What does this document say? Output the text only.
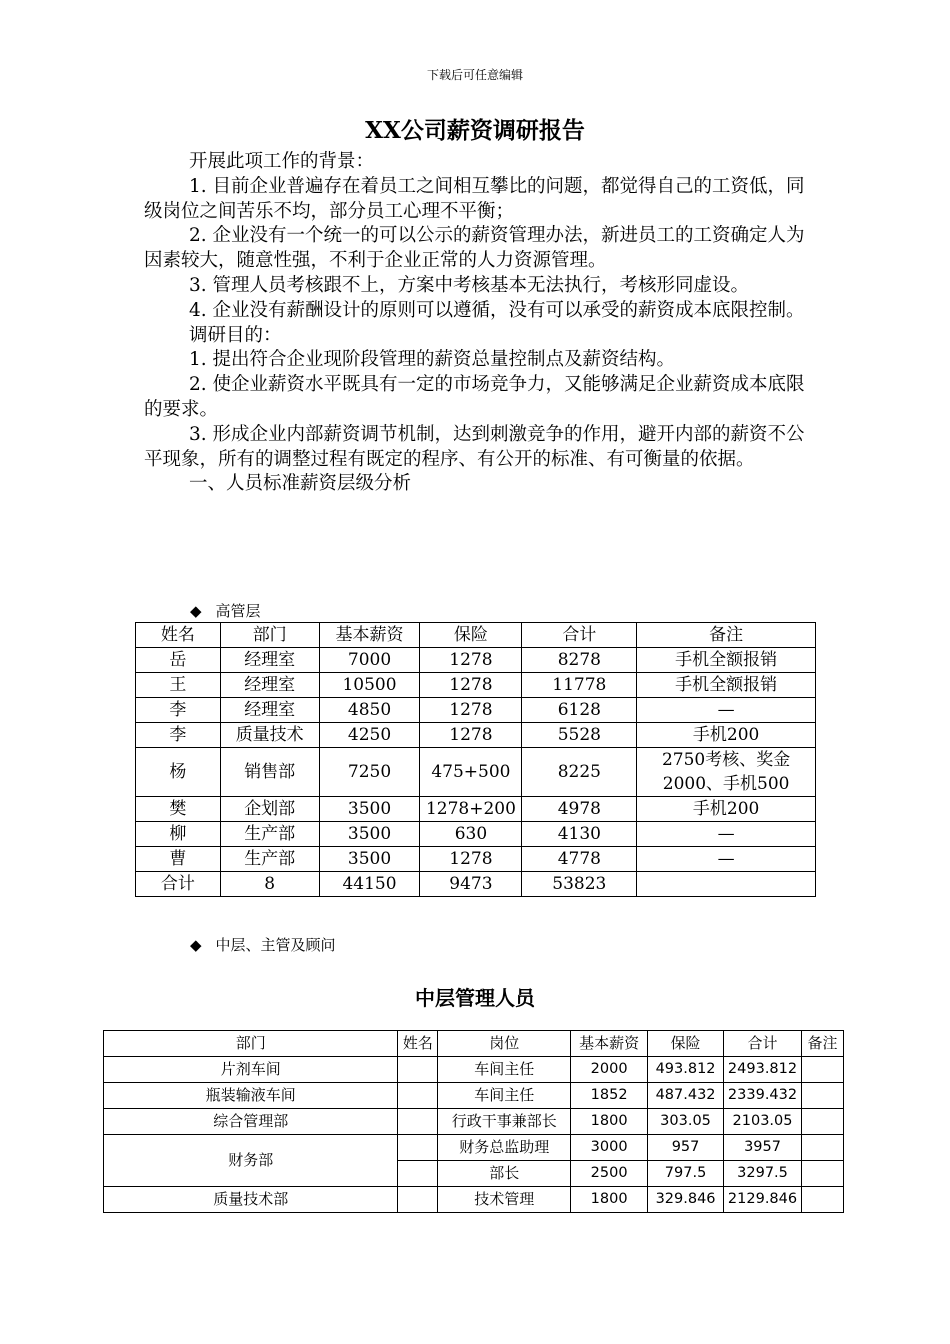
下载后可任意编辑
XX公司薪资调研报告

开展此项工作的背景：

1. 目前企业普遍存在着员工之间相互攀比的问题，都觉得自己的工资低，同级岗位之间苦乐不均，部分员工心理不平衡；

2. 企业没有一个统一的可以公示的薪资管理办法，新进员工的工资确定人为因素较大，随意性强，不利于企业正常的人力资源管理。

3. 管理人员考核跟不上，方案中考核基本无法执行，考核形同虚设。

4. 企业没有薪酬设计的原则可以遵循，没有可以承受的薪资成本底限控制。

调研目的：

1. 提出符合企业现阶段管理的薪资总量控制点及薪资结构。

2. 使企业薪资水平既具有一定的市场竞争力，又能够满足企业薪资成本底限的要求。

3. 形成企业内部薪资调节机制，达到刺激竞争的作用，避开内部的薪资不公平现象，所有的调整过程有既定的程序、有公开的标准、有可衡量的依据。

一、人员标准薪资层级分析

◆ 高管层
姓名	部门	基本薪资	保险	合计	备注
岳	经理室	7000	1278	8278	手机全额报销
王	经理室	10500	1278	11778	手机全额报销
李	经理室	4850	1278	6128	—
李	质量技术	4250	1278	5528	手机200
杨	销售部	7250	475+500	8225	2750考核、奖金2000、手机500
樊	企划部	3500	1278+200	4978	手机200
柳	生产部	3500	630	4130	—
曹	生产部	3500	1278	4778	—
合计	8	44150	9473	53823	
◆ 中层、主管及顾问
中层管理人员
部门	姓名	岗位	基本薪资	保险	合计	备注
片剂车间		车间主任	2000	493.812	2493.812	
瓶装输液车间		车间主任	1852	487.432	2339.432	
综合管理部		行政干事兼部长	1800	303.05	2103.05	
财务部		财务总监助理	3000	957	3957	
		部长	2500	797.5	3297.5	
质量技术部		技术管理	1800	329.846	2129.846	
